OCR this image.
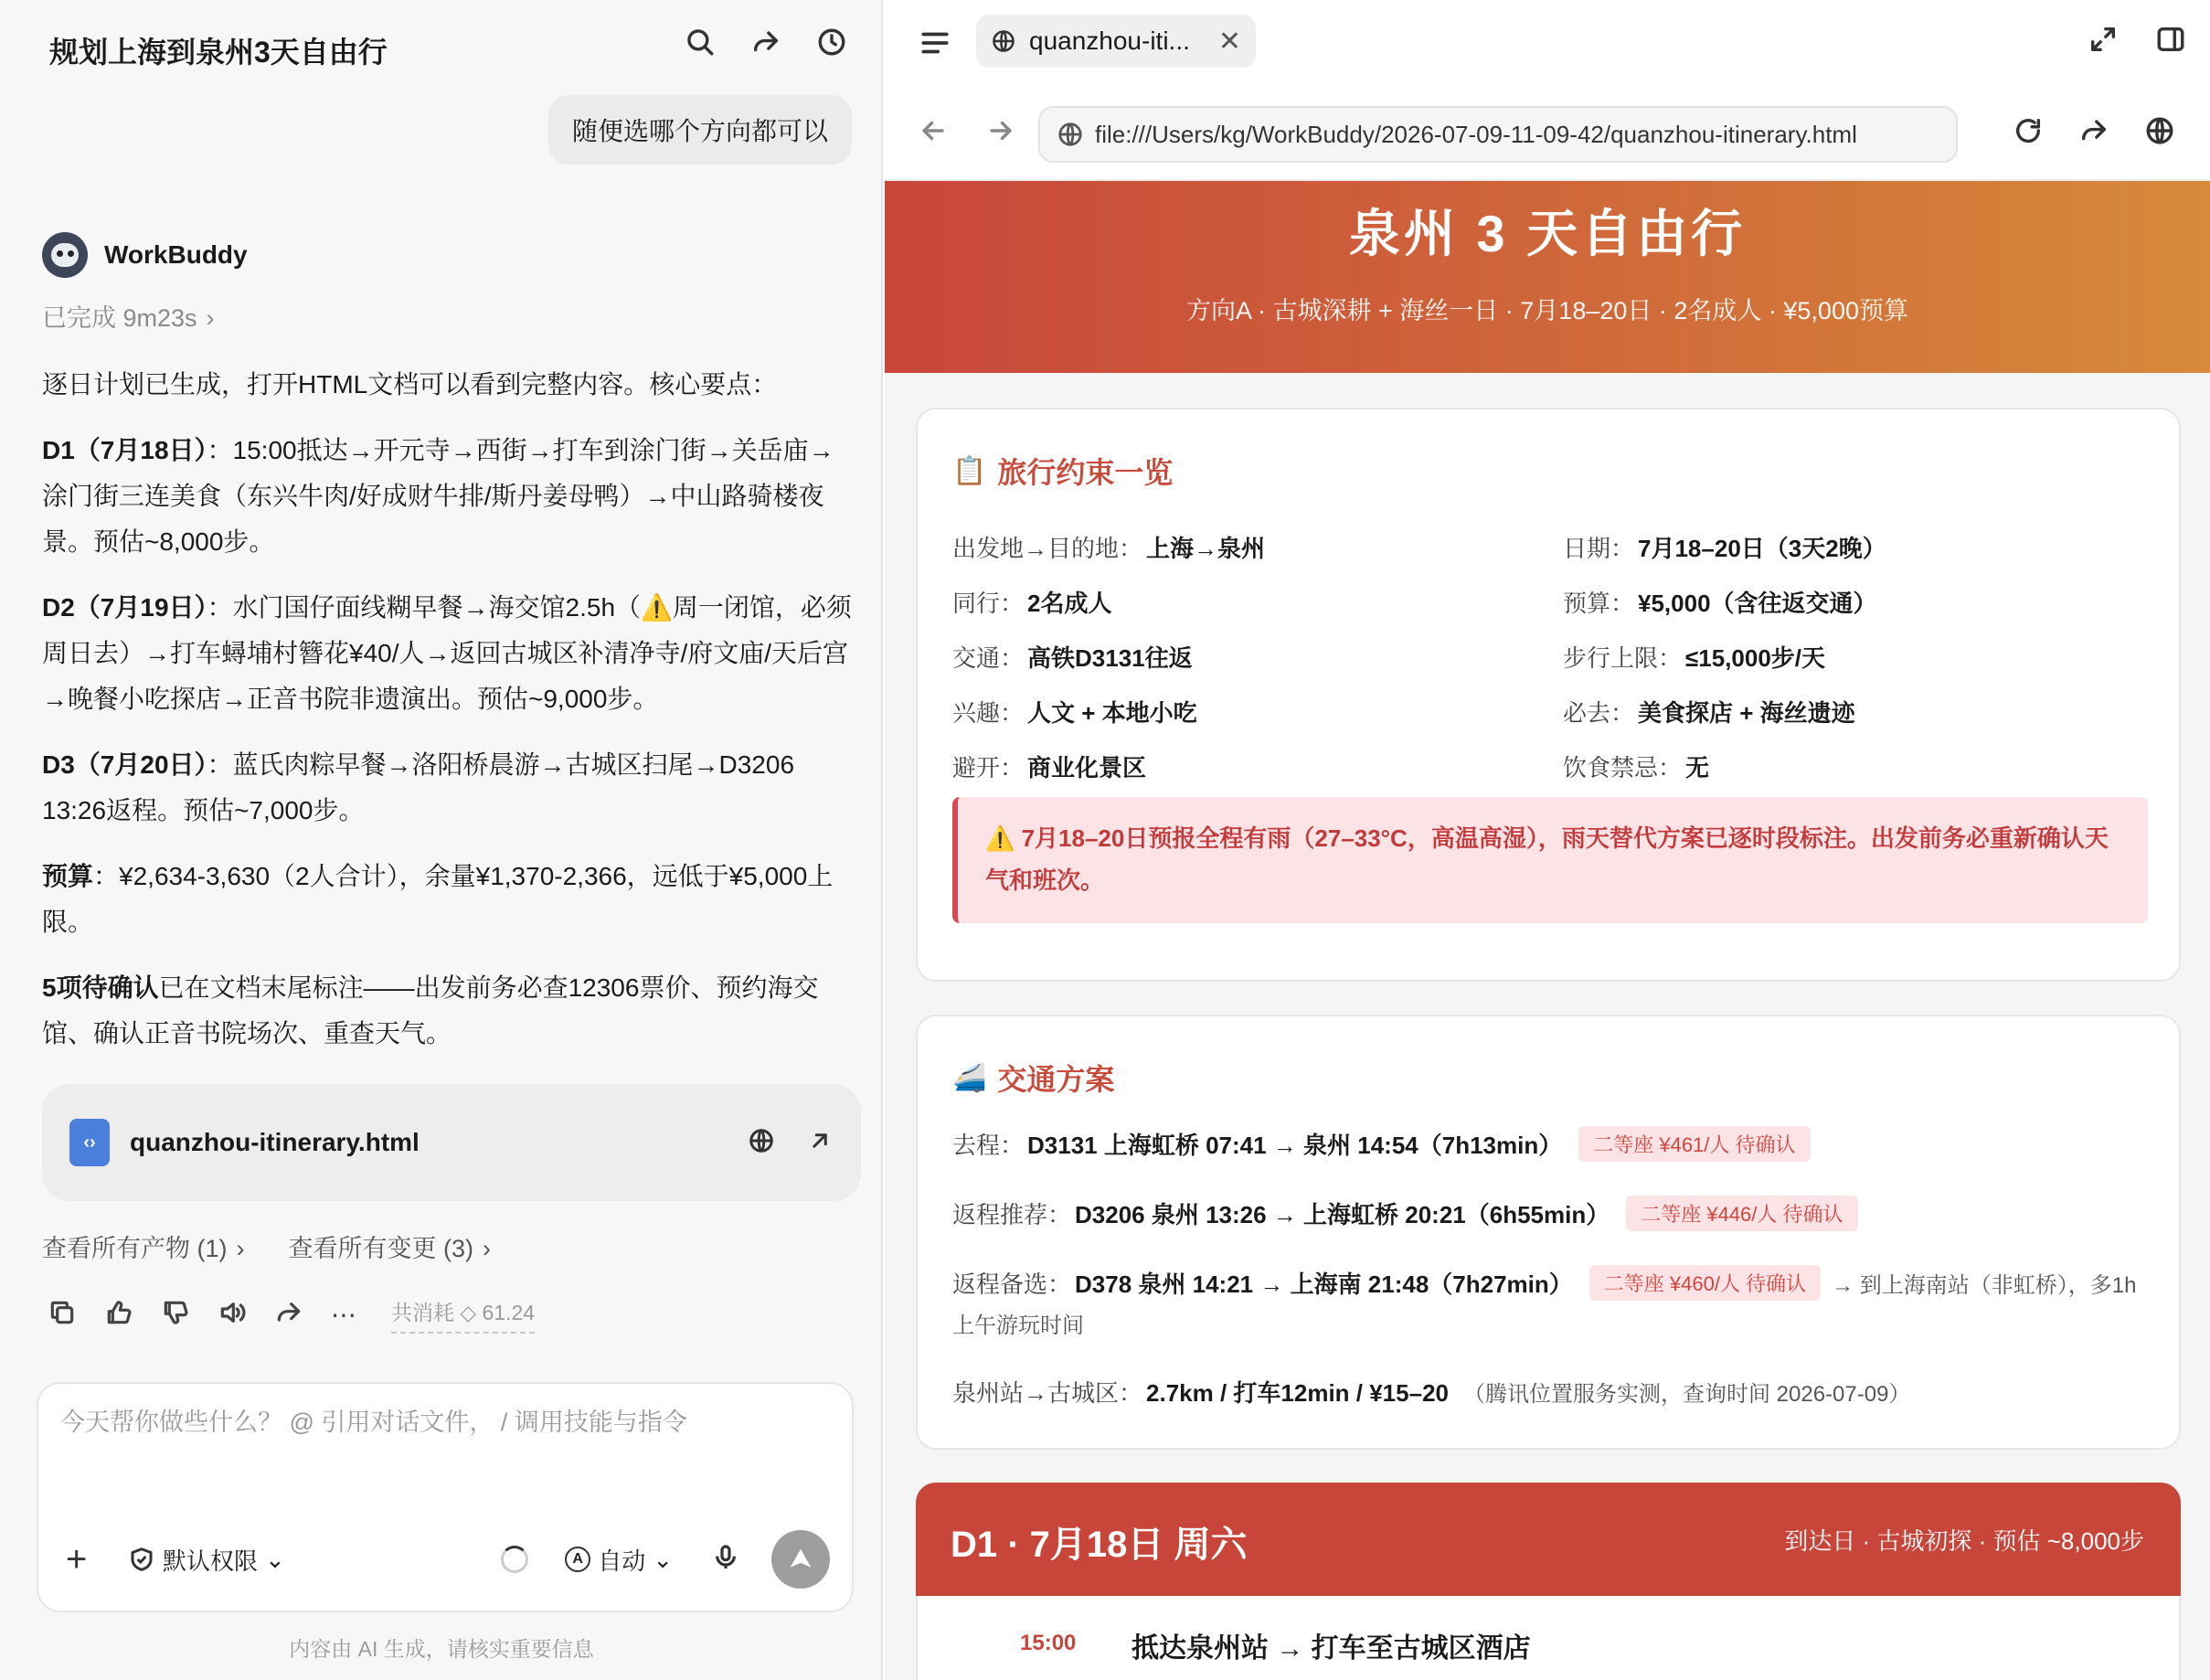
规划上海到泉州3天自由行
随便选哪个方向都可以
WorkBuddy
已完成 9m23s ›

逐日计划已生成，打开HTML文档可以看到完整内容。核心要点：

D1（7月18日）：15:00抵达→开元寺→西街→打车到涂门街→关岳庙→涂门街三连美食（东兴牛肉/好成财牛排/斯丹姜母鸭）→中山路骑楼夜景。预估~8,000步。

D2（7月19日）：水门国仔面线糊早餐→海交馆2.5h（⚠️周一闭馆，必须周日去）→打车蟳埔村簪花¥40/人→返回古城区补清净寺/府文庙/天后宫→晚餐小吃探店→正音书院非遗演出。预估~9,000步。

D3（7月20日）：蓝氏肉粽早餐→洛阳桥晨游→古城区扫尾→D3206 13:26返程。预估~7,000步。

预算：¥2,634-3,630（2人合计），余量¥1,370-2,366，远低于¥5,000上限。

5项待确认已在文档末尾标注——出发前务必查12306票价、预约海交馆、确认正音书院场次、重查天气。

‹›	quanzhou-itinerary.html
查看所有产物 (1) › 查看所有变更 (3) ›
⋯ 共消耗 ◇ 61.24
今天帮你做些什么？ @ 引用对话文件， / 调用技能与指令
+	默认权限 ⌄	A 自动 ⌄
内容由 AI 生成，请核实重要信息
quanzhou-iti...	✕
file:///Users/kg/WorkBuddy/2026-07-09-11-09-42/quanzhou-itinerary.html
泉州 3 天自由行
方向A · 古城深耕 + 海丝一日 · 7月18–20日 · 2名成人 · ¥5,000预算
📋 旅行约束一览
出发地→目的地： 上海→泉州	日期： 7月18–20日（3天2晚）
同行： 2名成人	预算： ¥5,000（含往返交通）
交通： 高铁D3131往返	步行上限： ≤15,000步/天
兴趣： 人文 + 本地小吃	必去： 美食探店 + 海丝遗迹
避开： 商业化景区	饮食禁忌： 无
⚠️ 7月18–20日预报全程有雨（27–33°C，高温高湿），雨天替代方案已逐时段标注。出发前务必重新确认天气和班次。
🚄 交通方案
去程： D3131 上海虹桥 07:41 → 泉州 14:54（7h13min）	二等座 ¥461/人 待确认
返程推荐： D3206 泉州 13:26 → 上海虹桥 20:21（6h55min）	二等座 ¥446/人 待确认
返程备选： D378 泉州 14:21 → 上海南 21:48（7h27min）	二等座 ¥460/人 待确认	→ 到上海南站（非虹桥），多1h
上午游玩时间
泉州站→古城区： 2.7km / 打车12min / ¥15–20 （腾讯位置服务实测，查询时间 2026-07-09）
D1 · 7月18日 周六	到达日 · 古城初探 · 预估 ~8,000步
15:00 抵达泉州站 → 打车至古城区酒店
